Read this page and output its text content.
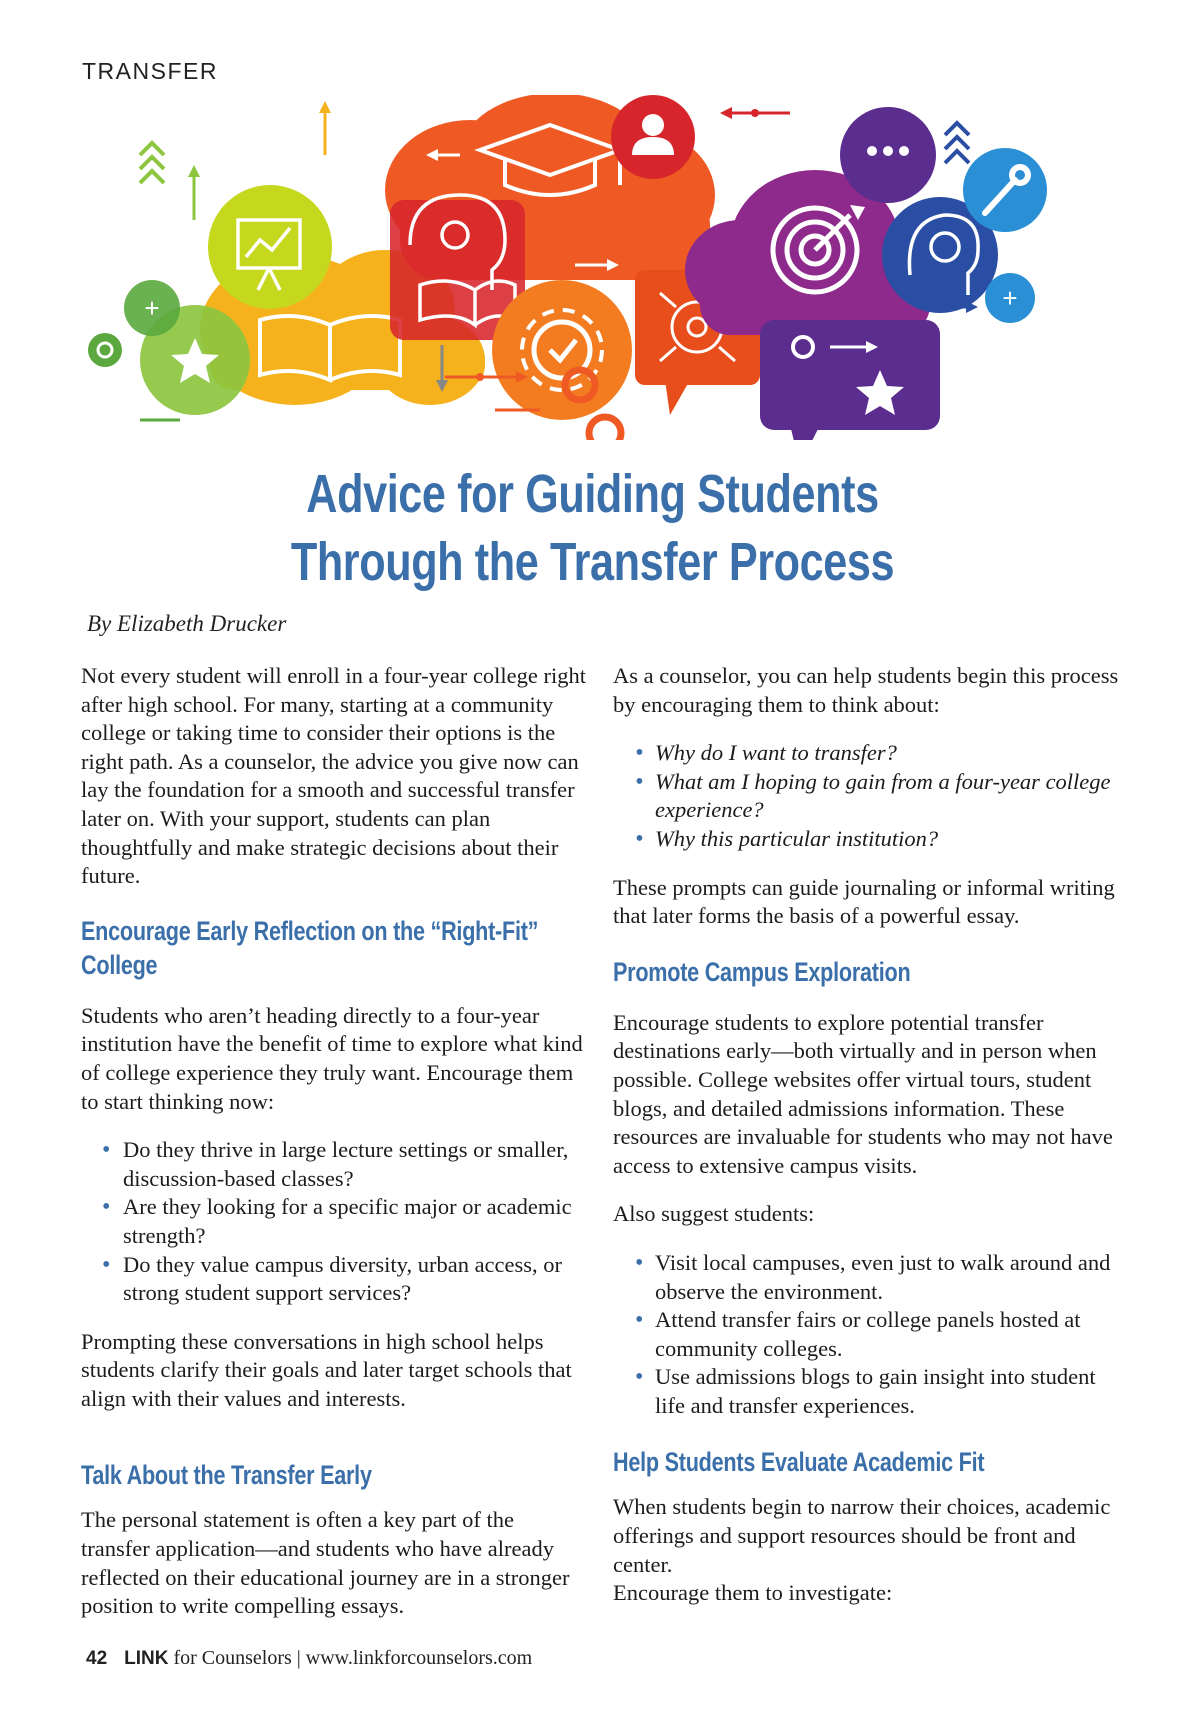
TRANSFER
+	+
Advice for Guiding Students
Through the Transfer Process
By Elizabeth Drucker

Not every student will enroll in a four-year college right after high school. For many, starting at a community college or taking time to consider their options is the right path. As a counselor, the advice you give now can lay the foundation for a smooth and successful transfer later on. With your support, students can plan thoughtfully and make strategic decisions about their future.

Encourage Early Reflection on the “Right-Fit” College

Students who aren’t heading directly to a four-year institution have the benefit of time to explore what kind of college experience they truly want. Encourage them to start thinking now:

• Do they thrive in large lecture settings or smaller, discussion-based classes?
• Are they looking for a specific major or academic strength?
• Do they value campus diversity, urban access, or strong student support services?

Prompting these conversations in high school helps students clarify their goals and later target schools that align with their values and interests.

Talk About the Transfer Early

The personal statement is often a key part of the transfer application—and students who have already reflected on their educational journey are in a stronger position to write compelling essays.

As a counselor, you can help students begin this process by encouraging them to think about:

• Why do I want to transfer?
• What am I hoping to gain from a four-year college experience?
• Why this particular institution?

These prompts can guide journaling or informal writing that later forms the basis of a powerful essay.

Promote Campus Exploration

Encourage students to explore potential transfer destinations early—both virtually and in person when possible. College websites offer virtual tours, student blogs, and detailed admissions information. These resources are invaluable for students who may not have access to extensive campus visits.

Also suggest students:

• Visit local campuses, even just to walk around and observe the environment.
• Attend transfer fairs or college panels hosted at community colleges.
• Use admissions blogs to gain insight into student life and transfer experiences.
Help Students Evaluate Academic Fit

When students begin to narrow their choices, academic offerings and support resources should be front and center.

Encourage them to investigate:

42 LINK for Counselors | www.linkforcounselors.com
